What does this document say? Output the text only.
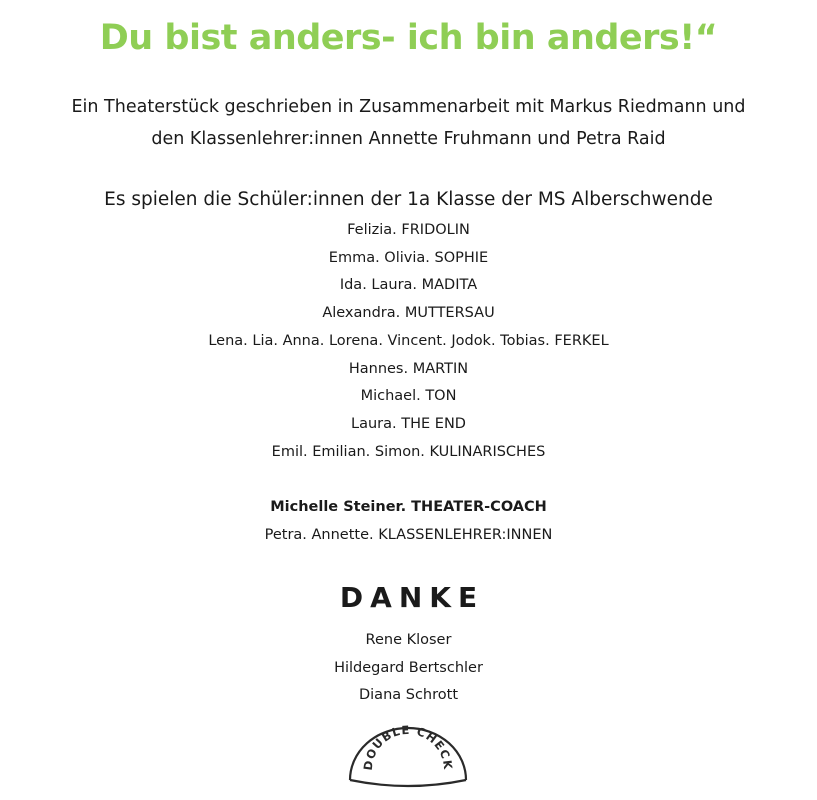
Du bist anders- ich bin anders!“
Ein Theaterstück geschrieben in Zusammenarbeit mit Markus Riedmann und
den Klassenlehrer:innen Annette Fruhmann und Petra Raid
Es spielen die Schüler:innen der 1a Klasse der MS Alberschwende
Felizia. FRIDOLIN
Emma. Olivia. SOPHIE
Ida. Laura. MADITA
Alexandra. MUTTERSAU
Lena. Lia. Anna. Lorena. Vincent. Jodok. Tobias. FERKEL
Hannes. MARTIN
Michael. TON
Laura. THE END
Emil. Emilian. Simon. KULINARISCHES
Michelle Steiner. THEATER-COACH
Petra. Annette. KLASSENLEHRER:INNEN
DANKE
Rene Kloser
Hildegard Bertschler
Diana Schrott
DOUBLE CHECK
